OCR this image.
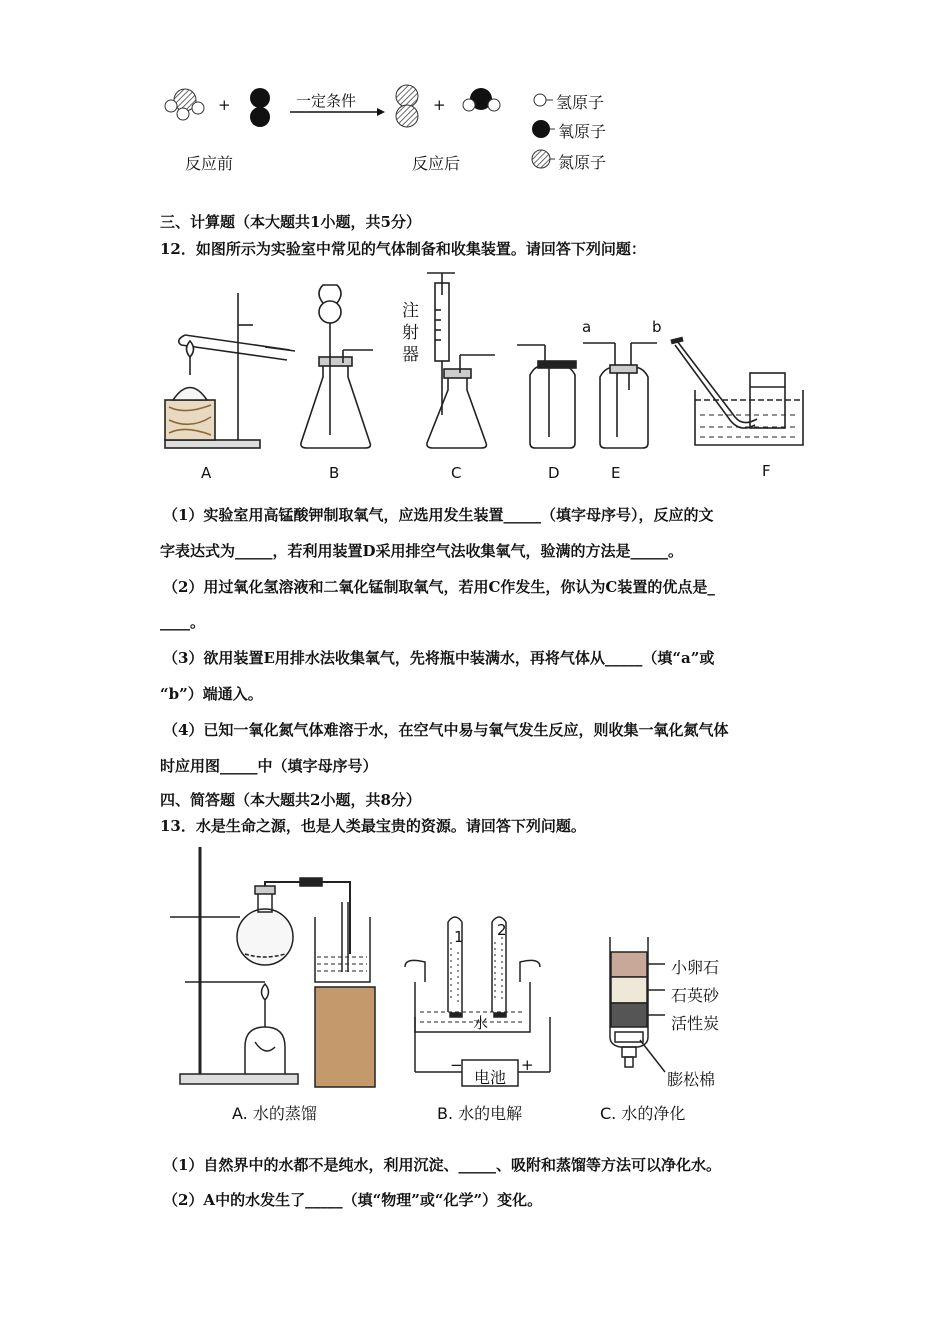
+	一定条件	+	氢原子
氧原子
氮原子
反应前	反应后
三、计算题（本大题共1小题，共5分）
12．如图所示为实验室中常见的气体制备和收集装置。请回答下列问题：
注
射
器
a	b
A	B	C	D	E	F
（1）实验室用高锰酸钾制取氧气，应选用发生装置_____（填字母序号），反应的文
字表达式为_____，若利用装置D采用排空气法收集氧气，验满的方法是_____。
（2）用过氧化氢溶液和二氧化锰制取氧气，若用C作发生，你认为C装置的优点是_
____。
（3）欲用装置E用排水法收集氧气，先将瓶中装满水，再将气体从_____（填“a”或
“b”）端通入。
（4）已知一氧化氮气体难溶于水，在空气中易与氧气发生反应，则收集一氧化氮气体
时应用图_____中（填字母序号）
四、简答题（本大题共2小题，共8分）
13．水是生命之源，也是人类最宝贵的资源。请回答下列问题。
1 2
水
−	+
电池
小卵石
石英砂
活性炭
膨松棉
A. 水的蒸馏	B. 水的电解	C. 水的净化
（1）自然界中的水都不是纯水，利用沉淀、_____、吸附和蒸馏等方法可以净化水。
（2）A中的水发生了_____（填“物理”或“化学”）变化。
